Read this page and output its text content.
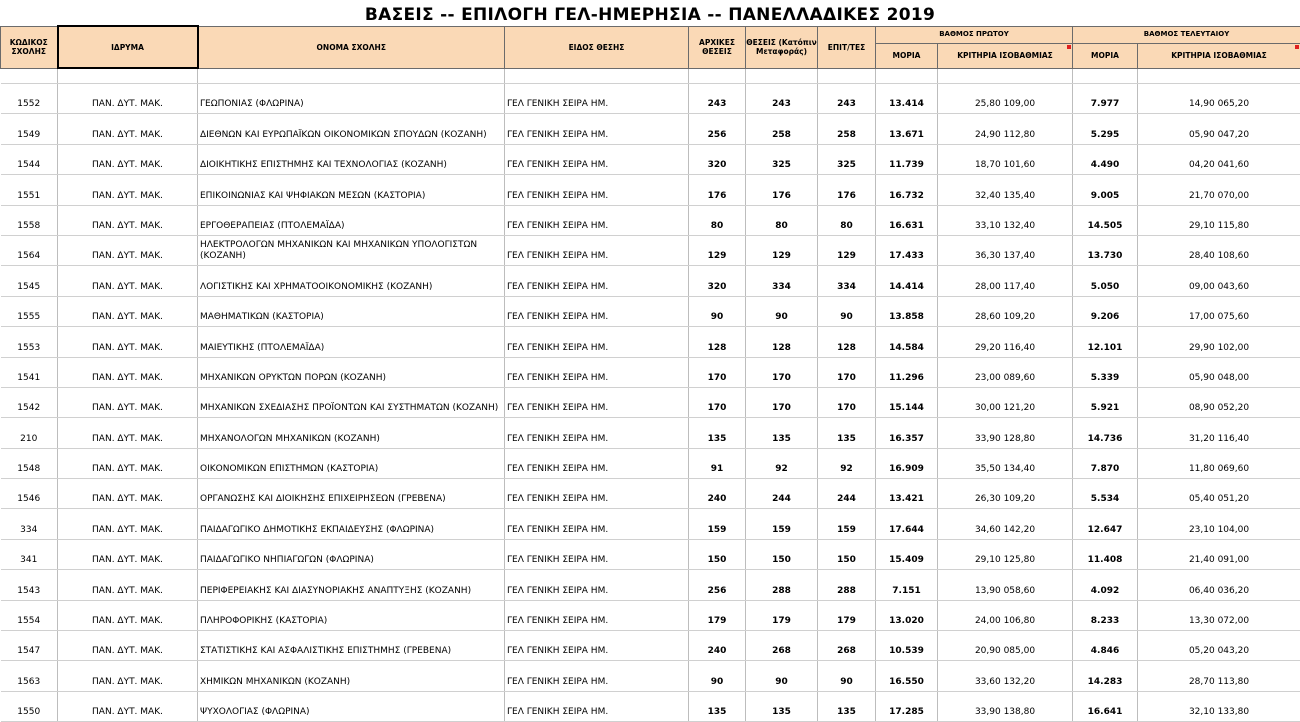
ΒΑΣΕΙΣ -- ΕΠΙΛΟΓΗ ΓΕΛ-ΗΜΕΡΗΣΙΑ -- ΠΑΝΕΛΛΑΔΙΚΕΣ 2019
ΚΩΔΙΚΟΣ ΣΧΟΛΗΣ	ΙΔΡΥΜΑ	ΟΝΟΜΑ ΣΧΟΛΗΣ	ΕΙΔΟΣ ΘΕΣΗΣ	ΑΡΧΙΚΕΣ ΘΕΣΕΙΣ	ΘΕΣΕΙΣ (Κατόπιν Μεταφοράς)	ΕΠΙΤ/ΤΕΣ	ΒΑΘΜΟΣ ΠΡΩΤΟΥ		ΒΑΘΜΟΣ ΤΕΛΕΥΤΑΙΟΥ	
							ΜΟΡΙΑ	ΚΡΙΤΗΡΙΑ ΙΣΟΒΑΘΜΙΑΣ	ΜΟΡΙΑ	ΚΡΙΤΗΡΙΑ ΙΣΟΒΑΘΜΙΑΣ

1552	ΠΑΝ. ΔΥΤ. ΜΑΚ.	ΓΕΩΠΟΝΙΑΣ (ΦΛΩΡΙΝΑ)	ΓΕΛ ΓΕΝΙΚΗ ΣΕΙΡΑ ΗΜ.	243	243	243	13.414	25,80 109,00	7.977	14,90 065,20
1549	ΠΑΝ. ΔΥΤ. ΜΑΚ.	ΔΙΕΘΝΩΝ ΚΑΙ ΕΥΡΩΠΑΪΚΩΝ ΟΙΚΟΝΟΜΙΚΩΝ ΣΠΟΥΔΩΝ (ΚΟΖΑΝΗ)	ΓΕΛ ΓΕΝΙΚΗ ΣΕΙΡΑ ΗΜ.	256	258	258	13.671	24,90 112,80	5.295	05,90 047,20
1544	ΠΑΝ. ΔΥΤ. ΜΑΚ.	ΔΙΟΙΚΗΤΙΚΗΣ ΕΠΙΣΤΗΜΗΣ ΚΑΙ ΤΕΧΝΟΛΟΓΙΑΣ (ΚΟΖΑΝΗ)	ΓΕΛ ΓΕΝΙΚΗ ΣΕΙΡΑ ΗΜ.	320	325	325	11.739	18,70 101,60	4.490	04,20 041,60
1551	ΠΑΝ. ΔΥΤ. ΜΑΚ.	ΕΠΙΚΟΙΝΩΝΙΑΣ ΚΑΙ ΨΗΦΙΑΚΩΝ ΜΕΣΩΝ (ΚΑΣΤΟΡΙΑ)	ΓΕΛ ΓΕΝΙΚΗ ΣΕΙΡΑ ΗΜ.	176	176	176	16.732	32,40 135,40	9.005	21,70 070,00
1558	ΠΑΝ. ΔΥΤ. ΜΑΚ.	ΕΡΓΟΘΕΡΑΠΕΙΑΣ (ΠΤΟΛΕΜΑΪΔΑ)	ΓΕΛ ΓΕΝΙΚΗ ΣΕΙΡΑ ΗΜ.	80	80	80	16.631	33,10 132,40	14.505	29,10 115,80
1564	ΠΑΝ. ΔΥΤ. ΜΑΚ.	ΗΛΕΚΤΡΟΛΟΓΩΝ ΜΗΧΑΝΙΚΩΝ ΚΑΙ ΜΗΧΑΝΙΚΩΝ ΥΠΟΛΟΓΙΣΤΩΝ (ΚΟΖΑΝΗ)	ΓΕΛ ΓΕΝΙΚΗ ΣΕΙΡΑ ΗΜ.	129	129	129	17.433	36,30 137,40	13.730	28,40 108,60
1545	ΠΑΝ. ΔΥΤ. ΜΑΚ.	ΛΟΓΙΣΤΙΚΗΣ ΚΑΙ ΧΡΗΜΑΤΟΟΙΚΟΝΟΜΙΚΗΣ (ΚΟΖΑΝΗ)	ΓΕΛ ΓΕΝΙΚΗ ΣΕΙΡΑ ΗΜ.	320	334	334	14.414	28,00 117,40	5.050	09,00 043,60
1555	ΠΑΝ. ΔΥΤ. ΜΑΚ.	ΜΑΘΗΜΑΤΙΚΩΝ (ΚΑΣΤΟΡΙΑ)	ΓΕΛ ΓΕΝΙΚΗ ΣΕΙΡΑ ΗΜ.	90	90	90	13.858	28,60 109,20	9.206	17,00 075,60
1553	ΠΑΝ. ΔΥΤ. ΜΑΚ.	ΜΑΙΕΥΤΙΚΗΣ (ΠΤΟΛΕΜΑΪΔΑ)	ΓΕΛ ΓΕΝΙΚΗ ΣΕΙΡΑ ΗΜ.	128	128	128	14.584	29,20 116,40	12.101	29,90 102,00
1541	ΠΑΝ. ΔΥΤ. ΜΑΚ.	ΜΗΧΑΝΙΚΩΝ ΟΡΥΚΤΩΝ ΠΟΡΩΝ (ΚΟΖΑΝΗ)	ΓΕΛ ΓΕΝΙΚΗ ΣΕΙΡΑ ΗΜ.	170	170	170	11.296	23,00 089,60	5.339	05,90 048,00
1542	ΠΑΝ. ΔΥΤ. ΜΑΚ.	ΜΗΧΑΝΙΚΩΝ ΣΧΕΔΙΑΣΗΣ ΠΡΟΪΟΝΤΩΝ ΚΑΙ ΣΥΣΤΗΜΑΤΩΝ (ΚΟΖΑΝΗ)	ΓΕΛ ΓΕΝΙΚΗ ΣΕΙΡΑ ΗΜ.	170	170	170	15.144	30,00 121,20	5.921	08,90 052,20
210	ΠΑΝ. ΔΥΤ. ΜΑΚ.	ΜΗΧΑΝΟΛΟΓΩΝ ΜΗΧΑΝΙΚΩΝ (ΚΟΖΑΝΗ)	ΓΕΛ ΓΕΝΙΚΗ ΣΕΙΡΑ ΗΜ.	135	135	135	16.357	33,90 128,80	14.736	31,20 116,40
1548	ΠΑΝ. ΔΥΤ. ΜΑΚ.	ΟΙΚΟΝΟΜΙΚΩΝ ΕΠΙΣΤΗΜΩΝ (ΚΑΣΤΟΡΙΑ)	ΓΕΛ ΓΕΝΙΚΗ ΣΕΙΡΑ ΗΜ.	91	92	92	16.909	35,50 134,40	7.870	11,80 069,60
1546	ΠΑΝ. ΔΥΤ. ΜΑΚ.	ΟΡΓΑΝΩΣΗΣ ΚΑΙ ΔΙΟΙΚΗΣΗΣ ΕΠΙΧΕΙΡΗΣΕΩΝ (ΓΡΕΒΕΝΑ)	ΓΕΛ ΓΕΝΙΚΗ ΣΕΙΡΑ ΗΜ.	240	244	244	13.421	26,30 109,20	5.534	05,40 051,20
334	ΠΑΝ. ΔΥΤ. ΜΑΚ.	ΠΑΙΔΑΓΩΓΙΚΟ ΔΗΜΟΤΙΚΗΣ ΕΚΠΑΙΔΕΥΣΗΣ (ΦΛΩΡΙΝΑ)	ΓΕΛ ΓΕΝΙΚΗ ΣΕΙΡΑ ΗΜ.	159	159	159	17.644	34,60 142,20	12.647	23,10 104,00
341	ΠΑΝ. ΔΥΤ. ΜΑΚ.	ΠΑΙΔΑΓΩΓΙΚΟ ΝΗΠΙΑΓΩΓΩΝ (ΦΛΩΡΙΝΑ)	ΓΕΛ ΓΕΝΙΚΗ ΣΕΙΡΑ ΗΜ.	150	150	150	15.409	29,10 125,80	11.408	21,40 091,00
1543	ΠΑΝ. ΔΥΤ. ΜΑΚ.	ΠΕΡΙΦΕΡΕΙΑΚΗΣ ΚΑΙ ΔΙΑΣΥΝΟΡΙΑΚΗΣ ΑΝΑΠΤΥΞΗΣ (ΚΟΖΑΝΗ)	ΓΕΛ ΓΕΝΙΚΗ ΣΕΙΡΑ ΗΜ.	256	288	288	7.151	13,90 058,60	4.092	06,40 036,20
1554	ΠΑΝ. ΔΥΤ. ΜΑΚ.	ΠΛΗΡΟΦΟΡΙΚΗΣ (ΚΑΣΤΟΡΙΑ)	ΓΕΛ ΓΕΝΙΚΗ ΣΕΙΡΑ ΗΜ.	179	179	179	13.020	24,00 106,80	8.233	13,30 072,00
1547	ΠΑΝ. ΔΥΤ. ΜΑΚ.	ΣΤΑΤΙΣΤΙΚΗΣ ΚΑΙ ΑΣΦΑΛΙΣΤΙΚΗΣ ΕΠΙΣΤΗΜΗΣ (ΓΡΕΒΕΝΑ)	ΓΕΛ ΓΕΝΙΚΗ ΣΕΙΡΑ ΗΜ.	240	268	268	10.539	20,90 085,00	4.846	05,20 043,20
1563	ΠΑΝ. ΔΥΤ. ΜΑΚ.	ΧΗΜΙΚΩΝ ΜΗΧΑΝΙΚΩΝ (ΚΟΖΑΝΗ)	ΓΕΛ ΓΕΝΙΚΗ ΣΕΙΡΑ ΗΜ.	90	90	90	16.550	33,60 132,20	14.283	28,70 113,80
1550	ΠΑΝ. ΔΥΤ. ΜΑΚ.	ΨΥΧΟΛΟΓΙΑΣ (ΦΛΩΡΙΝΑ)	ΓΕΛ ΓΕΝΙΚΗ ΣΕΙΡΑ ΗΜ.	135	135	135	17.285	33,90 138,80	16.641	32,10 133,80
